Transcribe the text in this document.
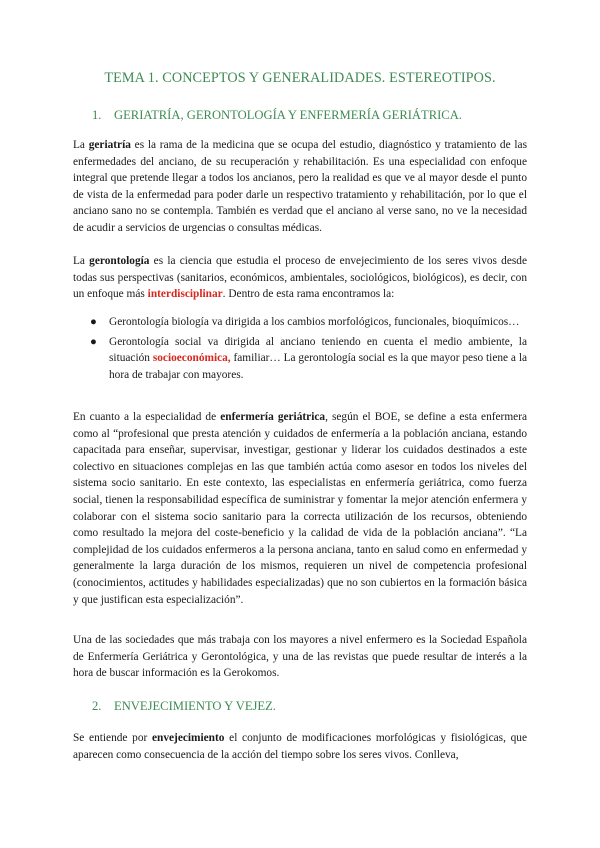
TEMA 1. CONCEPTOS Y GENERALIDADES. ESTEREOTIPOS.
1. GERIATRÍA, GERONTOLOGÍA Y ENFERMERÍA GERIÁTRICA.

La geriatría es la rama de la medicina que se ocupa del estudio, diagnóstico y tratamiento de las enfermedades del anciano, de su recuperación y rehabilitación. Es una especialidad con enfoque integral que pretende llegar a todos los ancianos, pero la realidad es que ve al mayor desde el punto de vista de la enfermedad para poder darle un respectivo tratamiento y rehabilitación, por lo que el anciano sano no se contempla. También es verdad que el anciano al verse sano, no ve la necesidad de acudir a servicios de urgencias o consultas médicas.

La gerontología es la ciencia que estudia el proceso de envejecimiento de los seres vivos desde todas sus perspectivas (sanitarios, económicos, ambientales, sociológicos, biológicos), es decir, con un enfoque más interdisciplinar. Dentro de esta rama encontramos la:

● Gerontología biología va dirigida a los cambios morfológicos, funcionales, bioquímicos…
● Gerontología social va dirigida al anciano teniendo en cuenta el medio ambiente, la situación socioeconómica, familiar… La gerontología social es la que mayor peso tiene a la hora de trabajar con mayores.

En cuanto a la especialidad de enfermería geriátrica, según el BOE, se define a esta enfermera como al “profesional que presta atención y cuidados de enfermería a la población anciana, estando capacitada para enseñar, supervisar, investigar, gestionar y liderar los cuidados destinados a este colectivo en situaciones complejas en las que también actúa como asesor en todos los niveles del sistema socio sanitario. En este contexto, las especialistas en enfermería geriátrica, como fuerza social, tienen la responsabilidad específica de suministrar y fomentar la mejor atención enfermera y colaborar con el sistema socio sanitario para la correcta utilización de los recursos, obteniendo como resultado la mejora del coste-beneficio y la calidad de vida de la población anciana”. “La complejidad de los cuidados enfermeros a la persona anciana, tanto en salud como en enfermedad y generalmente la larga duración de los mismos, requieren un nivel de competencia profesional (conocimientos, actitudes y habilidades especializadas) que no son cubiertos en la formación básica y que justifican esta especialización”.

Una de las sociedades que más trabaja con los mayores a nivel enfermero es la Sociedad Española de Enfermería Geriátrica y Gerontológica, y una de las revistas que puede resultar de interés a la hora de buscar información es la Gerokomos.

2. ENVEJECIMIENTO Y VEJEZ.

Se entiende por envejecimiento el conjunto de modificaciones morfológicas y fisiológicas, que aparecen como consecuencia de la acción del tiempo sobre los seres vivos. Conlleva,
